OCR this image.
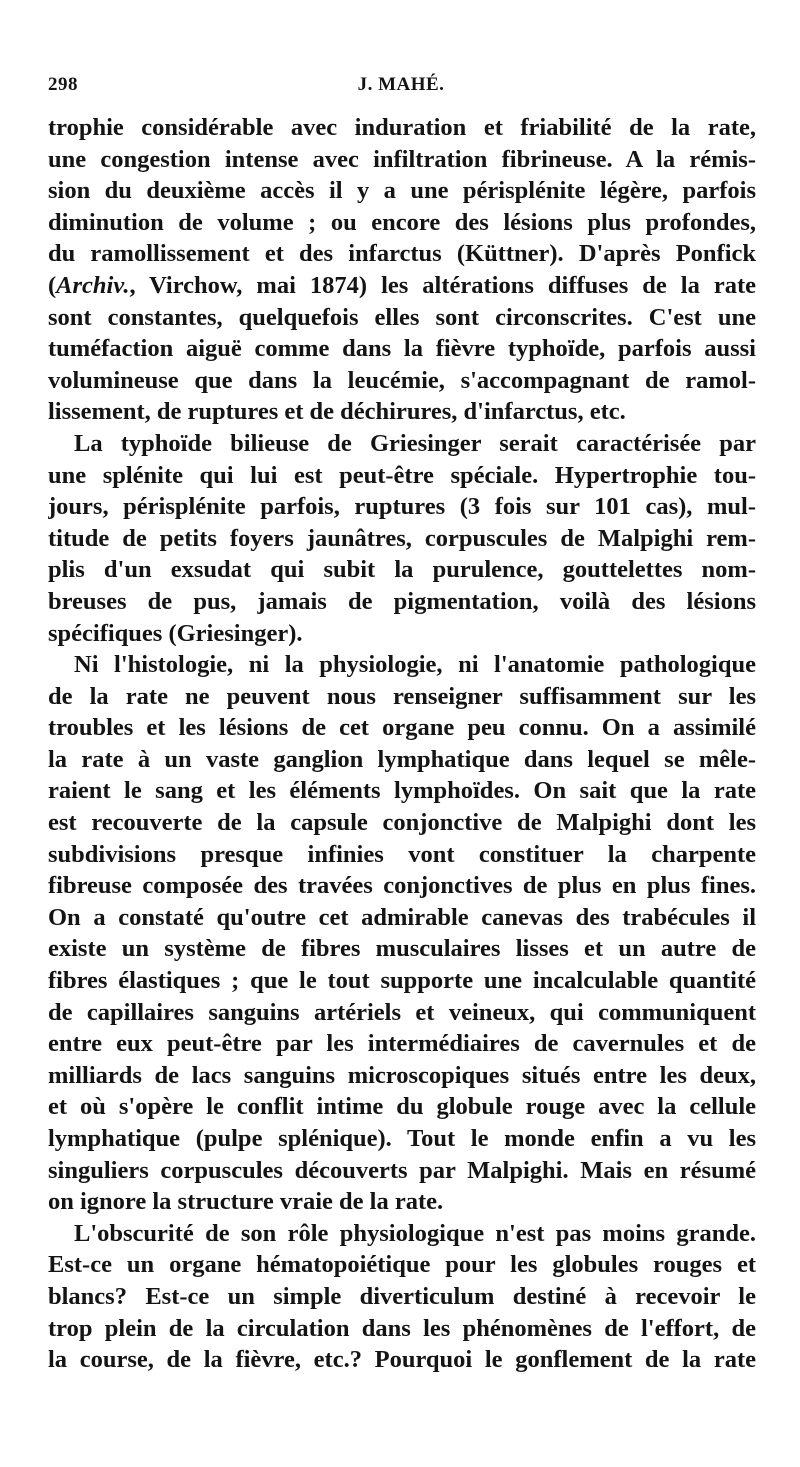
298	J. MAHÉ.
trophie considérable avec induration et friabilité de la rate,
une congestion intense avec infiltration fibrineuse. A la rémis-
sion du deuxième accès il y a une périsplénite légère, parfois
diminution de volume ; ou encore des lésions plus profondes,
du ramollissement et des infarctus (Küttner). D'après Ponfick
(Archiv., Virchow, mai 1874) les altérations diffuses de la rate
sont constantes, quelquefois elles sont circonscrites. C'est une
tuméfaction aiguë comme dans la fièvre typhoïde, parfois aussi
volumineuse que dans la leucémie, s'accompagnant de ramol-
lissement, de ruptures et de déchirures, d'infarctus, etc.
La typhoïde bilieuse de Griesinger serait caractérisée par
une splénite qui lui est peut-être spéciale. Hypertrophie tou-
jours, périsplénite parfois, ruptures (3 fois sur 101 cas), mul-
titude de petits foyers jaunâtres, corpuscules de Malpighi rem-
plis d'un exsudat qui subit la purulence, gouttelettes nom-
breuses de pus, jamais de pigmentation, voilà des lésions
spécifiques (Griesinger).
Ni l'histologie, ni la physiologie, ni l'anatomie pathologique
de la rate ne peuvent nous renseigner suffisamment sur les
troubles et les lésions de cet organe peu connu. On a assimilé
la rate à un vaste ganglion lymphatique dans lequel se mêle-
raient le sang et les éléments lymphoïdes. On sait que la rate
est recouverte de la capsule conjonctive de Malpighi dont les
subdivisions presque infinies vont constituer la charpente
fibreuse composée des travées conjonctives de plus en plus fines.
On a constaté qu'outre cet admirable canevas des trabécules il
existe un système de fibres musculaires lisses et un autre de
fibres élastiques ; que le tout supporte une incalculable quantité
de capillaires sanguins artériels et veineux, qui communiquent
entre eux peut-être par les intermédiaires de cavernules et de
milliards de lacs sanguins microscopiques situés entre les deux,
et où s'opère le conflit intime du globule rouge avec la cellule
lymphatique (pulpe splénique). Tout le monde enfin a vu les
singuliers corpuscules découverts par Malpighi. Mais en résumé
on ignore la structure vraie de la rate.
L'obscurité de son rôle physiologique n'est pas moins grande.
Est-ce un organe hématopoiétique pour les globules rouges et
blancs? Est-ce un simple diverticulum destiné à recevoir le
trop plein de la circulation dans les phénomènes de l'effort, de
la course, de la fièvre, etc.? Pourquoi le gonflement de la rate
